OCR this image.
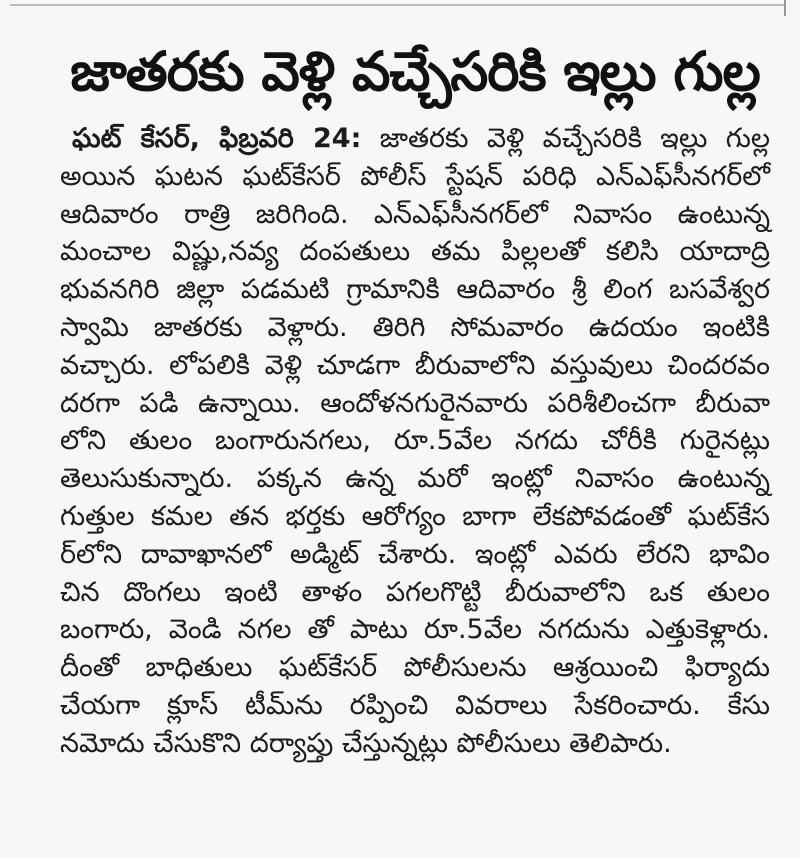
జాతరకు వెళ్లి వచ్చేసరికి ఇల్లు గుల్ల
ఘట్ కేసర్, ఫిబ్రవరి 24: జాతరకు వెళ్లి వచ్చేసరికి ఇల్లు గుల్ల
అయిన ఘటన ఘట్‌కేసర్ పోలీస్ స్టేషన్ పరిధి ఎన్ఎఫ్‌సీనగర్‌లో
ఆదివారం రాత్రి జరిగింది. ఎన్ఎఫ్‌సీనగర్‌లో నివాసం ఉంటున్న
మంచాల విష్ణు,నవ్య దంపతులు తమ పిల్లలతో కలిసి యాదాద్రి
భువనగిరి జిల్లా పడమటి గ్రామానికి ఆదివారం శ్రీ లింగ బసవేశ్వర
స్వామి జాతరకు వెళ్లారు. తిరిగి సోమవారం ఉదయం ఇంటికి
వచ్చారు. లోపలికి వెళ్లి చూడగా బీరువాలోని వస్తువులు చిందరవం
దరగా పడి ఉన్నాయి. ఆందోళనగురైనవారు పరిశీలించగా బీరువా
లోని తులం బంగారునగలు, రూ.5వేల నగదు చోరీకి గురైనట్లు
తెలుసుకున్నారు. పక్కన ఉన్న మరో ఇంట్లో నివాసం ఉంటున్న
గుత్తుల కమల తన భర్తకు ఆరోగ్యం బాగా లేకపోవడంతో ఘట్‌కేస
ర్‌లోని దావాఖానలో అడ్మిట్ చేశారు. ఇంట్లో ఎవరు లేరని భావిం
చిన దొంగలు ఇంటి తాళం పగలగొట్టి బీరువాలోని ఒక తులం
బంగారు, వెండి నగల తో పాటు రూ.5వేల నగదును ఎత్తుకెళ్లారు.
దీంతో బాధితులు ఘట్‌కేసర్ పోలీసులను ఆశ్రయించి ఫిర్యాదు
చేయగా క్లూస్ టీమ్‌ను రప్పించి వివరాలు సేకరించారు. కేసు
నమోదు చేసుకొని దర్యాప్తు చేస్తున్నట్లు పోలీసులు తెలిపారు.
